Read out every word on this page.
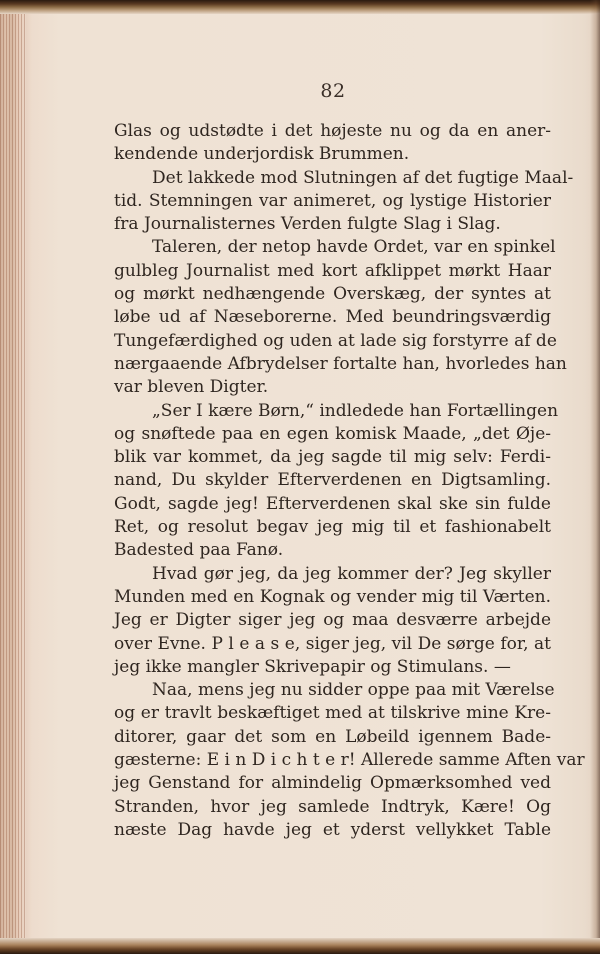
82
Glas og udstødte i det højeste nu og da en aner-
kendende underjordisk Brummen.
Det lakkede mod Slutningen af det fugtige Maal-
tid. Stemningen var animeret, og lystige Historier
fra Journalisternes Verden fulgte Slag i Slag.
Taleren, der netop havde Ordet, var en spinkel
gulbleg Journalist med kort afklippet mørkt Haar
og mørkt nedhængende Overskæg, der syntes at
løbe ud af Næseborerne. Med beundringsværdig
Tungefærdighed og uden at lade sig forstyrre af de
nærgaaende Afbrydelser fortalte han, hvorledes han
var bleven Digter.
„Ser I kære Børn,“ indledede han Fortællingen
og snøftede paa en egen komisk Maade, „det Øje-
blik var kommet, da jeg sagde til mig selv: Ferdi-
nand, Du skylder Efterverdenen en Digtsamling.
Godt, sagde jeg! Efterverdenen skal ske sin fulde
Ret, og resolut begav jeg mig til et fashionabelt
Badested paa Fanø.
Hvad gør jeg, da jeg kommer der? Jeg skyller
Munden med en Kognak og vender mig til Værten.
Jeg er Digter siger jeg og maa desværre arbejde
over Evne. P l e a s e, siger jeg, vil De sørge for, at
jeg ikke mangler Skrivepapir og Stimulans. —
Naa, mens jeg nu sidder oppe paa mit Værelse
og er travlt beskæftiget med at tilskrive mine Kre-
ditorer, gaar det som en Løbeild igennem Bade-
gæsterne: E i n D i c h t e r! Allerede samme Aften var
jeg Genstand for almindelig Opmærksomhed ved
Stranden, hvor jeg samlede Indtryk, Kære! Og
næste Dag havde jeg et yderst vellykket Table
